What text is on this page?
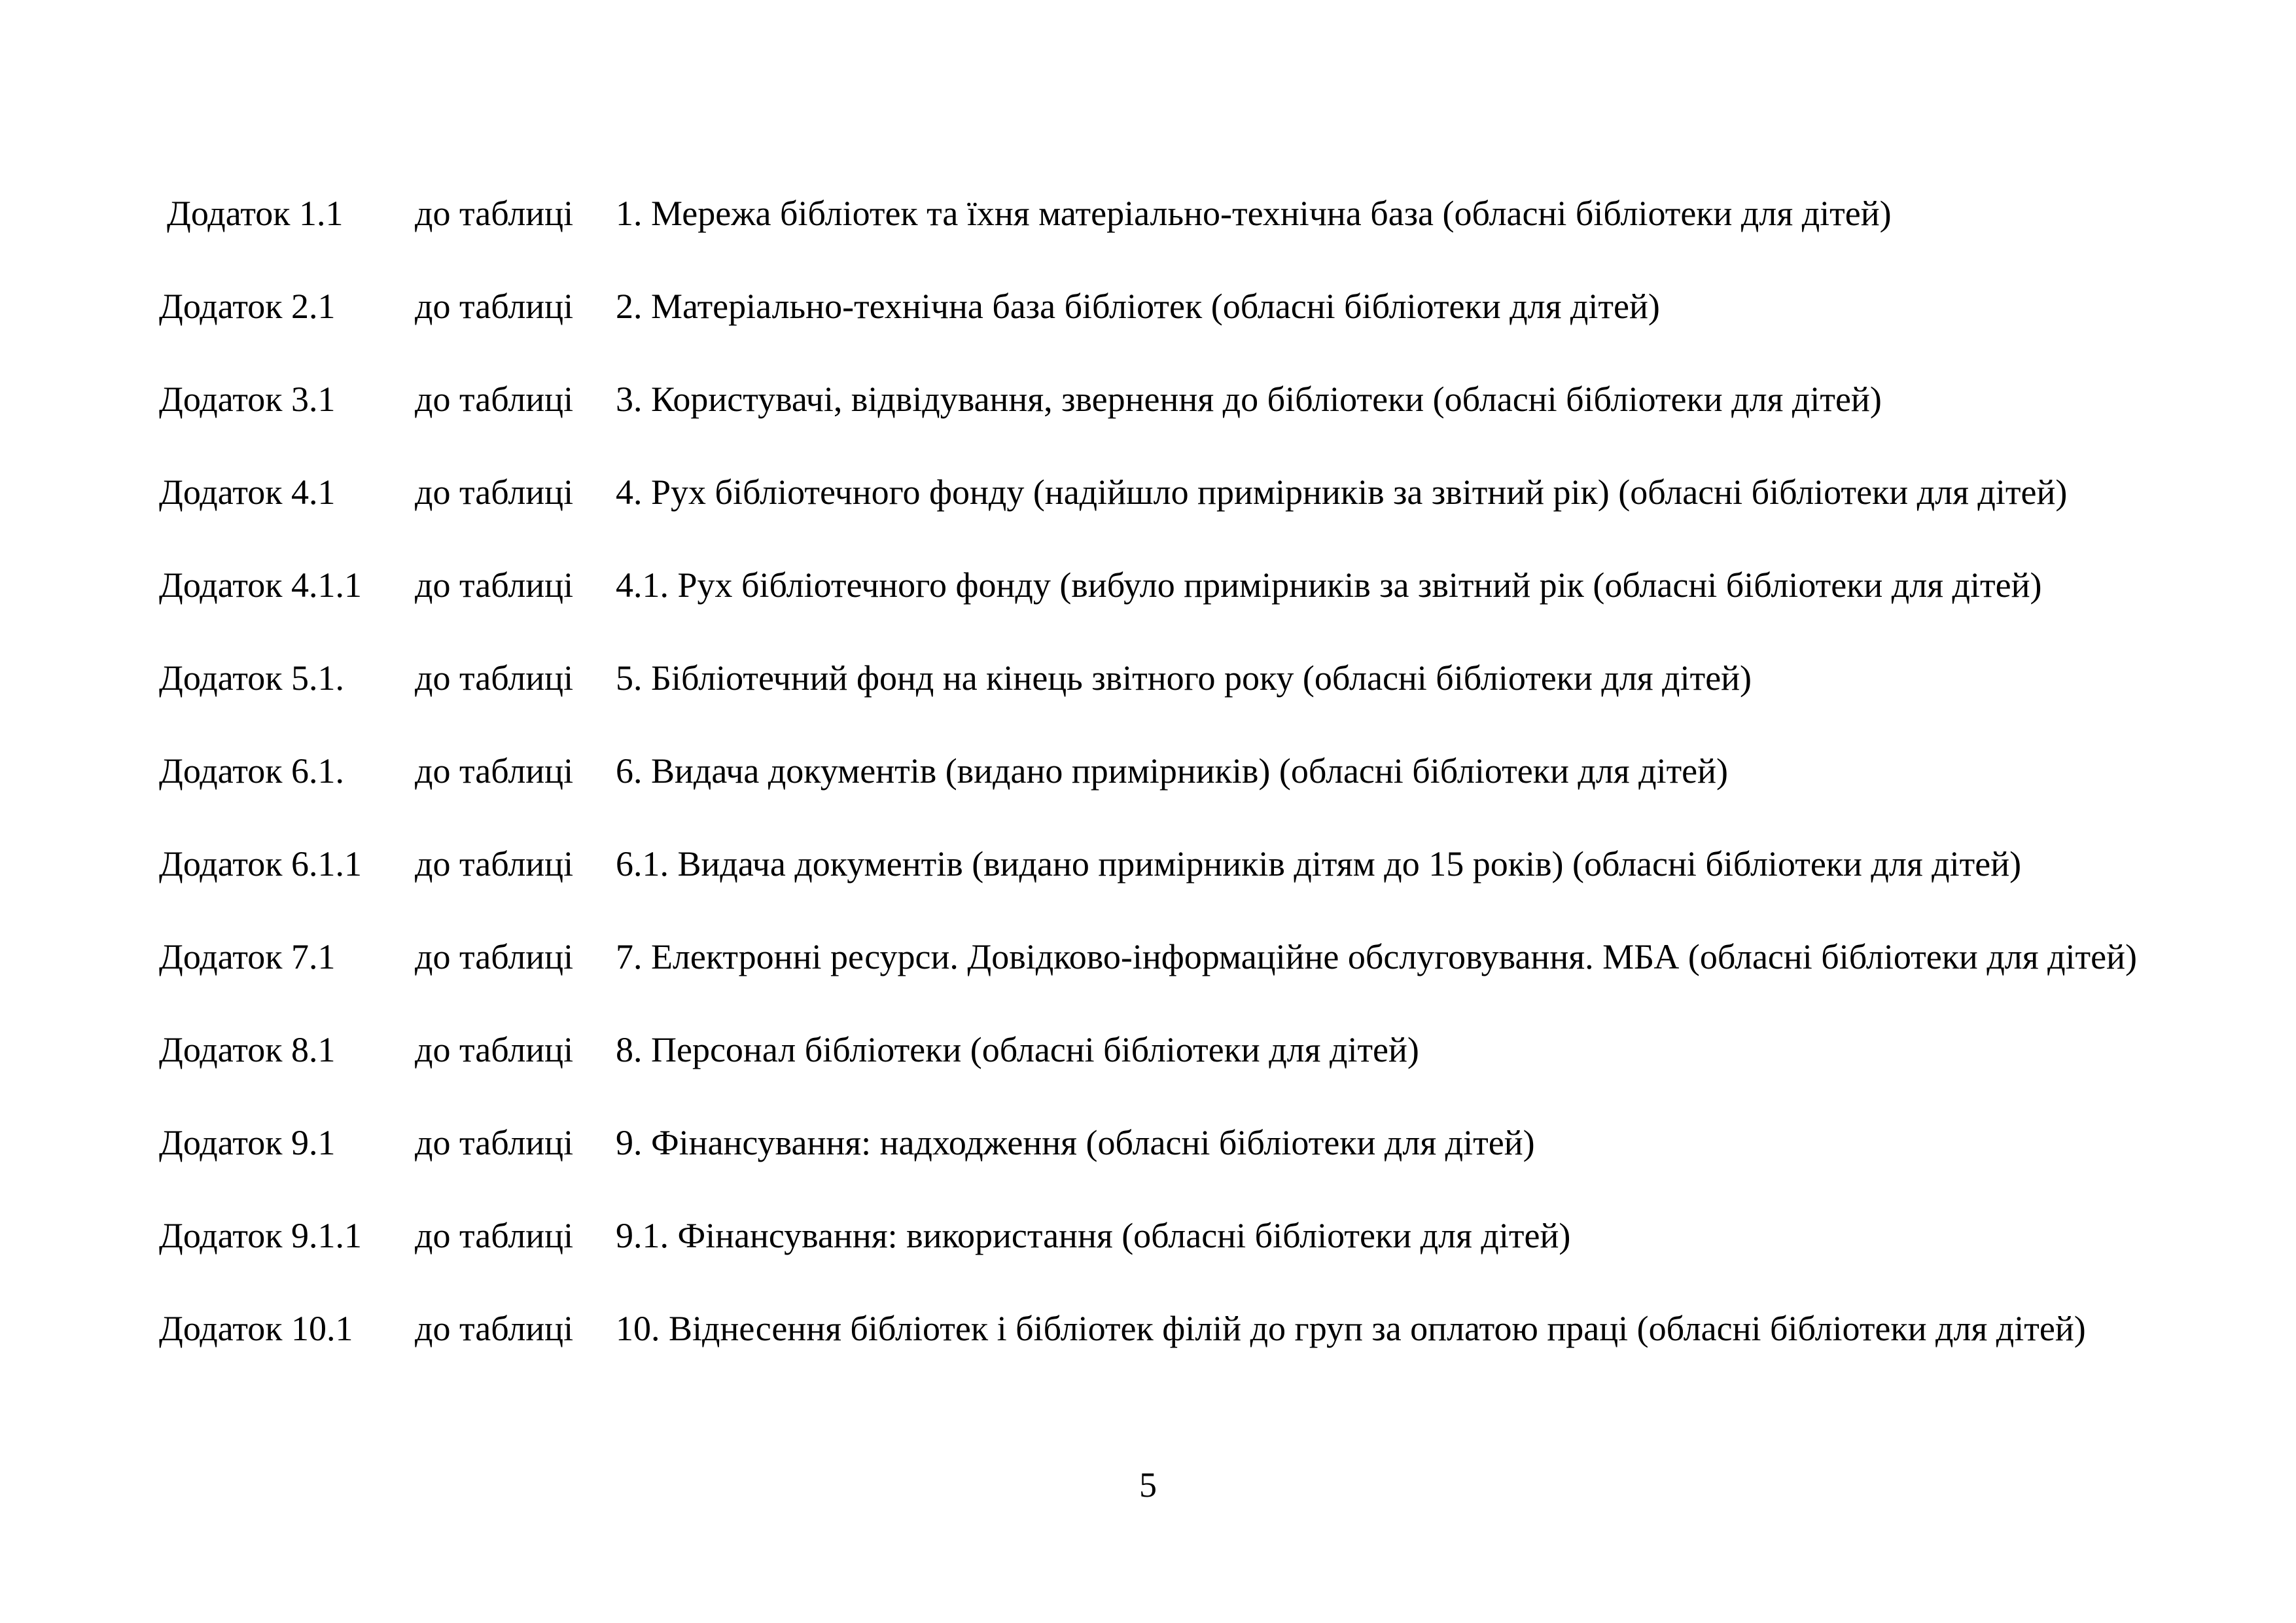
Додаток 1.1 до таблиці 1. Мережа бібліотек та їхня матеріально-технічна база (обласні бібліотеки для дітей)
Додаток 2.1 до таблиці 2. Матеріально-технічна база бібліотек (обласні бібліотеки для дітей)
Додаток 3.1 до таблиці 3. Користувачі, відвідування, звернення до бібліотеки (обласні бібліотеки для дітей)
Додаток 4.1 до таблиці 4. Рух бібліотечного фонду (надійшло примірників за звітний рік) (обласні бібліотеки для дітей)
Додаток 4.1.1 до таблиці 4.1. Рух бібліотечного фонду (вибуло примірників за звітний рік (обласні бібліотеки для дітей)
Додаток 5.1. до таблиці 5. Бібліотечний фонд на кінець звітного року (обласні бібліотеки для дітей)
Додаток 6.1. до таблиці 6. Видача документів (видано примірників) (обласні бібліотеки для дітей)
Додаток 6.1.1 до таблиці 6.1. Видача документів (видано примірників дітям до 15 років) (обласні бібліотеки для дітей)
Додаток 7.1 до таблиці 7. Електронні ресурси. Довідково-інформаційне обслуговування. МБА (обласні бібліотеки для дітей)
Додаток 8.1 до таблиці 8. Персонал бібліотеки (обласні бібліотеки для дітей)
Додаток 9.1 до таблиці 9. Фінансування: надходження (обласні бібліотеки для дітей)
Додаток 9.1.1 до таблиці 9.1. Фінансування: використання (обласні бібліотеки для дітей)
Додаток 10.1 до таблиці 10. Віднесення бібліотек і бібліотек філій до груп за оплатою праці (обласні бібліотеки для дітей)
5
